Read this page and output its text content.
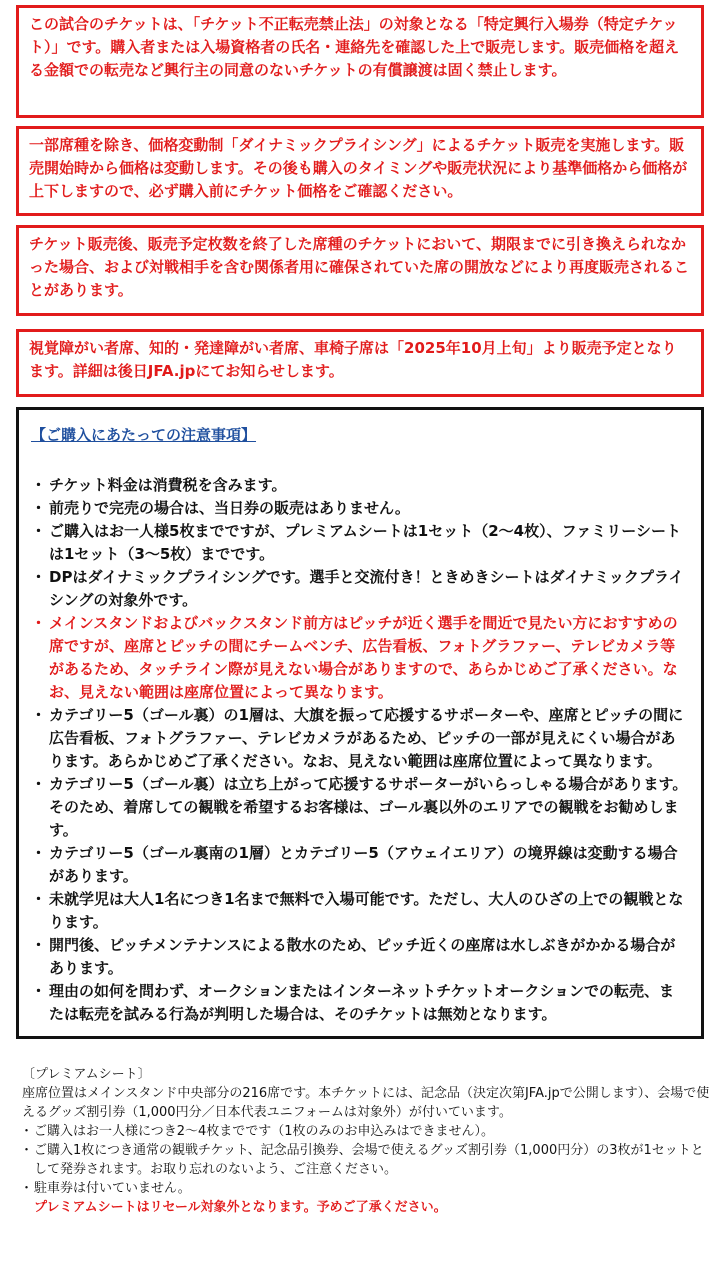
この試合のチケットは、「チケット不正転売禁止法」の対象となる「特定興行入場券（特定チケット）」です。購入者または入場資格者の氏名・連絡先を確認した上で販売します。販売価格を超える金額での転売など興行主の同意のないチケットの有償譲渡は固く禁止します。
一部席種を除き、価格変動制「ダイナミックプライシング」によるチケット販売を実施します。販売開始時から価格は変動します。その後も購入のタイミングや販売状況により基準価格から価格が上下しますので、必ず購入前にチケット価格をご確認ください。
チケット販売後、販売予定枚数を終了した席種のチケットにおいて、期限までに引き換えられなかった場合、および対戦相手を含む関係者用に確保されていた席の開放などにより再度販売されることがあります。
視覚障がい者席、知的・発達障がい者席、車椅子席は「2025年10月上旬」より販売予定となります。詳細は後日JFA.jpにてお知らせします。
【ご購入にあたっての注意事項】
・ チケット料金は消費税を含みます。
・ 前売りで完売の場合は、当日券の販売はありません。
・ ご購入はお一人様5枚までですが、プレミアムシートは1セット（2～4枚）、ファミリーシートは1セット（3～5枚）までです。
・ DPはダイナミックプライシングです。選手と交流付き！ときめきシートはダイナミックプライシングの対象外です。
・ メインスタンドおよびバックスタンド前方はピッチが近く選手を間近で見たい方におすすめの席ですが、座席とピッチの間にチームベンチ、広告看板、フォトグラファー、テレビカメラ等があるため、タッチライン際が見えない場合がありますので、あらかじめご了承ください。なお、見えない範囲は座席位置によって異なります。
・ カテゴリー5（ゴール裏）の1層は、大旗を振って応援するサポーターや、座席とピッチの間に広告看板、フォトグラファー、テレビカメラがあるため、ピッチの一部が見えにくい場合があります。あらかじめご了承ください。なお、見えない範囲は座席位置によって異なります。
・ カテゴリー5（ゴール裏）は立ち上がって応援するサポーターがいらっしゃる場合があります。そのため、着席しての観戦を希望するお客様は、ゴール裏以外のエリアでの観戦をお勧めします。
・ カテゴリー5（ゴール裏南の1層）とカテゴリー5（アウェイエリア）の境界線は変動する場合があります。
・ 未就学児は大人1名につき1名まで無料で入場可能です。ただし、大人のひざの上での観戦となります。
・ 開門後、ピッチメンテナンスによる散水のため、ピッチ近くの座席は水しぶきがかかる場合があります。
・ 理由の如何を問わず、オークションまたはインターネットチケットオークションでの転売、または転売を試みる行為が判明した場合は、そのチケットは無効となります。

〔プレミアムシート〕

座席位置はメインスタンド中央部分の216席です。本チケットには、記念品（決定次第JFA.jpで公開します）、会場で使えるグッズ割引券（1,000円分／日本代表ユニフォームは対象外）が付いています。

・ ご購入はお一人様につき2～4枚までです（1枚のみのお申込みはできません）。

・ ご購入1枚につき通常の観戦チケット、記念品引換券、会場で使えるグッズ割引券（1,000円分）の3枚が1セットとして発券されます。お取り忘れのないよう、ご注意ください。

・ 駐車券は付いていません。

プレミアムシートはリセール対象外となります。予めご了承ください。
